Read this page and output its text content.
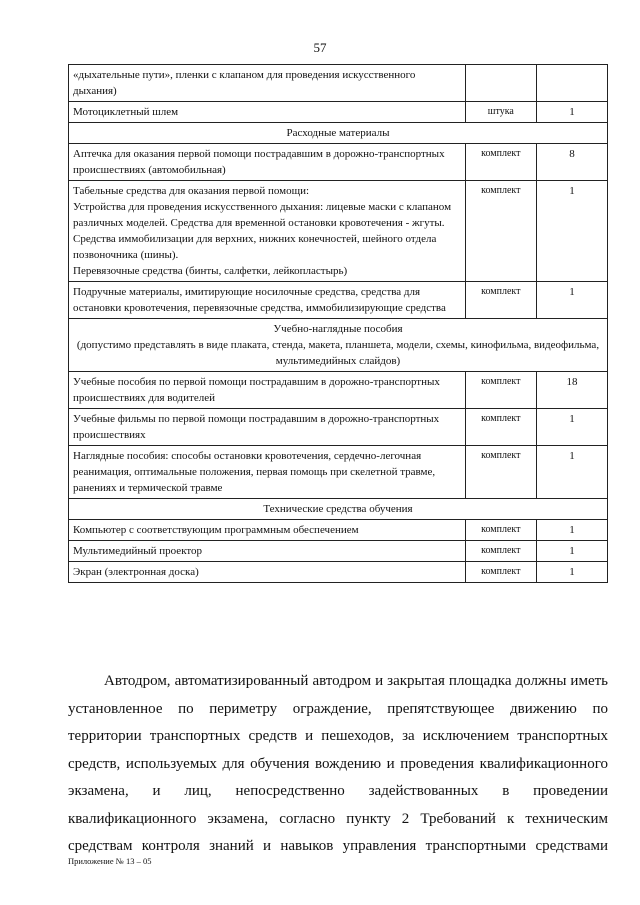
57
«дыхательные пути», пленки с клапаном для проведения искусственного дыхания)		
Мотоциклетный шлем	штука	1
Расходные материалы		
Аптечка для оказания первой помощи пострадавшим в дорожно-транспортных происшествиях (автомобильная)	комплект	8
Табельные средства для оказания первой помощи:
Устройства для проведения искусственного дыхания: лицевые маски с клапаном различных моделей. Средства для временной остановки кровотечения - жгуты.
Средства иммобилизации для верхних, нижних конечностей, шейного отдела позвоночника (шины).
Перевязочные средства (бинты, салфетки, лейкопластырь)	комплект	1
Подручные материалы, имитирующие носилочные средства, средства для остановки кровотечения, перевязочные средства, иммобилизирующие средства	комплект	1
Учебно-наглядные пособия
(допустимо представлять в виде плаката, стенда, макета, планшета, модели, схемы, кинофильма, видеофильма, мультимедийных слайдов)		
Учебные пособия по первой помощи пострадавшим в дорожно-транспортных происшествиях для водителей	комплект	18
Учебные фильмы по первой помощи пострадавшим в дорожно-транспортных происшествиях	комплект	1
Наглядные пособия: способы остановки кровотечения, сердечно-легочная реанимация, оптимальные положения, первая помощь при скелетной травме, ранениях и термической травме	комплект	1
Технические средства обучения		
Компьютер с соответствующим программным обеспечением	комплект	1
Мультимедийный проектор	комплект	1
Экран (электронная доска)	комплект	1

Автодром, автоматизированный автодром и закрытая площадка должны иметь установленное по периметру ограждение, препятствующее движению по территории транспортных средств и пешеходов, за исключением транспортных средств, используемых для обучения вождению и проведения квалификационного экзамена, и лиц, непосредственно задействованных в проведении квалификационного экзамена, согласно пункту 2 Требований к техническим средствам контроля знаний и навыков управления транспортными средствами

Приложение № 13 – 05
